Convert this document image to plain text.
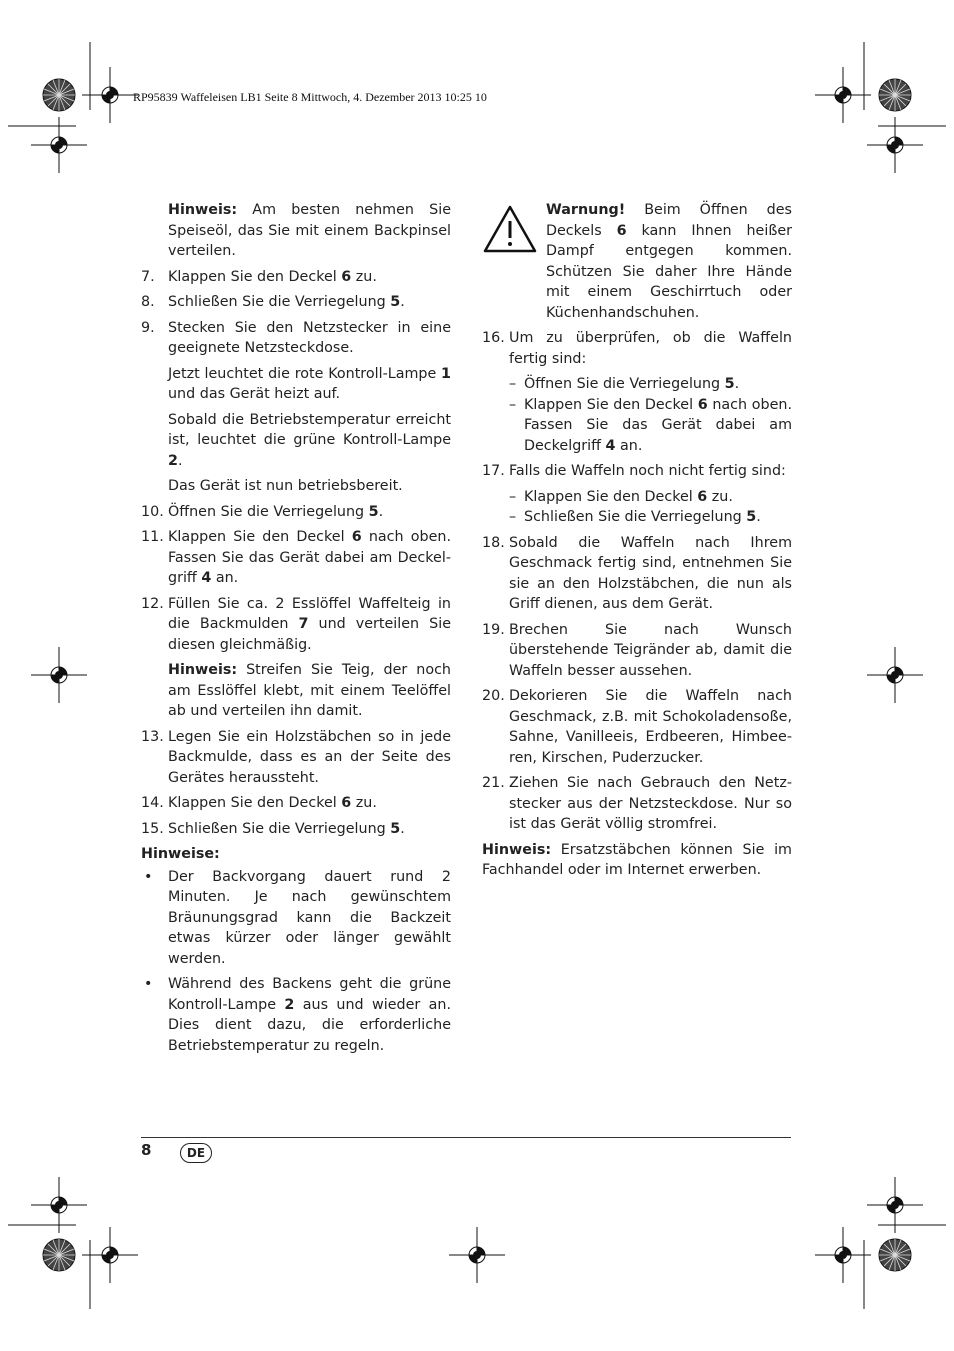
RP95839 Waffeleisen LB1 Seite 8 Mittwoch, 4. Dezember 2013 10:25 10

Hinweis: Am besten nehmen Sie Speiseöl, das Sie mit einem Backpinsel verteilen.

7. Klappen Sie den Deckel 6 zu.
8. Schließen Sie die Verriegelung 5.
9. Stecken Sie den Netzstecker in eine geeignete Netzsteckdose.

Jetzt leuchtet die rote Kontroll-Lampe 1 und das Gerät heizt auf.

Sobald die Betriebstemperatur erreicht ist, leuchtet die grüne Kontroll-Lampe 2.

Das Gerät ist nun betriebsbereit.

10. Öffnen Sie die Verriegelung 5.
11. Klappen Sie den Deckel 6 nach oben. Fassen Sie das Gerät dabei am Deckelgriff 4 an.
12. Füllen Sie ca. 2 Esslöffel Waffelteig in die Backmulden 7 und verteilen Sie diesen gleichmäßig.

Hinweis: Streifen Sie Teig, der noch am Esslöffel klebt, mit einem Teelöffel ab und verteilen ihn damit.

13. Legen Sie ein Holzstäbchen so in jede Backmulde, dass es an der Seite des Gerätes heraussteht.
14. Klappen Sie den Deckel 6 zu.
15. Schließen Sie die Verriegelung 5.

Hinweise:

• Der Backvorgang dauert rund 2 Minuten. Je nach gewünschtem Bräunungsgrad kann die Backzeit etwas kürzer oder länger gewählt werden.
• Während des Backens geht die grüne Kontroll-Lampe 2 aus und wieder an. Dies dient dazu, die erforderliche Betriebstemperatur zu regeln.
Warnung! Beim Öffnen des Deckels 6 kann Ihnen heißer Dampf entgegen kommen. Schützen Sie daher Ihre Hände mit einem Geschirrtuch oder Küchenhandschuhen.
16. Um zu überprüfen, ob die Waffeln fertig sind:
– Öffnen Sie die Verriegelung 5.
– Klappen Sie den Deckel 6 nach oben. Fassen Sie das Gerät dabei am Deckelgriff 4 an.
17. Falls die Waffeln noch nicht fertig sind:
– Klappen Sie den Deckel 6 zu.
– Schließen Sie die Verriegelung 5.
18. Sobald die Waffeln nach Ihrem Geschmack fertig sind, entnehmen Sie sie an den Holzstäbchen, die nun als Griff dienen, aus dem Gerät.
19. Brechen Sie nach Wunsch überstehende Teigränder ab, damit die Waffeln besser aussehen.
20. Dekorieren Sie die Waffeln nach Geschmack, z.B. mit Schokoladensoße, Sahne, Vanilleeis, Erdbeeren, Himbeeren, Kirschen, Puderzucker.
21. Ziehen Sie nach Gebrauch den Netzstecker aus der Netzsteckdose. Nur so ist das Gerät völlig stromfrei.

Hinweis: Ersatzstäbchen können Sie im Fachhandel oder im Internet erwerben.

8	DE
